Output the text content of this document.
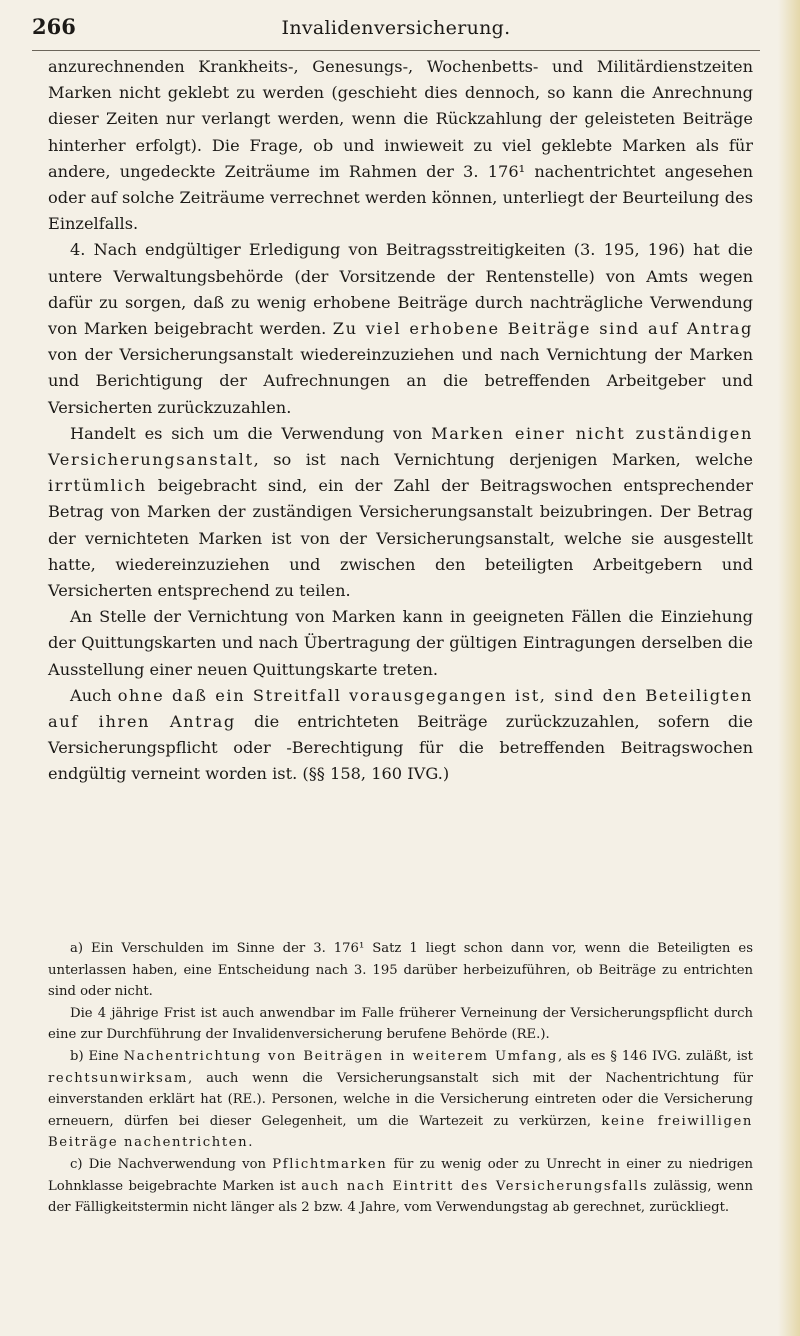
266	Invalidenversicherung.

anzurechnenden Krankheits-, Genesungs-, Wochenbetts- und Militärdienstzeiten Marken nicht geklebt zu werden (geschieht dies dennoch, so kann die Anrechnung dieser Zeiten nur verlangt werden, wenn die Rückzahlung der geleisteten Beiträge hinterher erfolgt). Die Frage, ob und inwieweit zu viel geklebte Marken als für andere, ungedeckte Zeiträume im Rahmen der 3. 176¹ nachentrichtet angesehen oder auf solche Zeiträume verrechnet werden können, unterliegt der Beurteilung des Einzelfalls.

4. Nach endgültiger Erledigung von Beitragsstreitigkeiten (3. 195, 196) hat die untere Verwaltungsbehörde (der Vorsitzende der Rentenstelle) von Amts wegen dafür zu sorgen, daß zu wenig erhobene Beiträge durch nachträgliche Verwendung von Marken beigebracht werden. Zu viel erhobene Beiträge sind auf Antrag von der Versicherungsanstalt wiedereinzuziehen und nach Vernichtung der Marken und Berichtigung der Aufrechnungen an die betreffenden Arbeitgeber und Versicherten zurückzuzahlen.

Handelt es sich um die Verwendung von Marken einer nicht zuständigen Versicherungsanstalt, so ist nach Vernichtung derjenigen Marken, welche irrtümlich beigebracht sind, ein der Zahl der Beitragswochen entsprechender Betrag von Marken der zuständigen Versicherungsanstalt beizubringen. Der Betrag der vernichteten Marken ist von der Versicherungsanstalt, welche sie ausgestellt hatte, wiedereinzuziehen und zwischen den beteiligten Arbeitgebern und Versicherten entsprechend zu teilen.

An Stelle der Vernichtung von Marken kann in geeigneten Fällen die Einziehung der Quittungskarten und nach Übertragung der gültigen Eintragungen derselben die Ausstellung einer neuen Quittungskarte treten.

Auch ohne daß ein Streitfall vorausgegangen ist, sind den Beteiligten auf ihren Antrag die entrichteten Beiträge zurückzuzahlen, sofern die Versicherungspflicht oder -Berechtigung für die betreffenden Beitragswochen endgültig verneint worden ist. (§§ 158, 160 IVG.)

a) Ein Verschulden im Sinne der 3. 176¹ Satz 1 liegt schon dann vor, wenn die Beteiligten es unterlassen haben, eine Entscheidung nach 3. 195 darüber herbeizuführen, ob Beiträge zu entrichten sind oder nicht.

Die 4 jährige Frist ist auch anwendbar im Falle früherer Verneinung der Versicherungspflicht durch eine zur Durchführung der Invalidenversicherung berufene Behörde (RE.).

b) Eine Nachentrichtung von Beiträgen in weiterem Umfang, als es § 146 IVG. zuläßt, ist rechtsunwirksam, auch wenn die Versicherungsanstalt sich mit der Nachentrichtung für einverstanden erklärt hat (RE.). Personen, welche in die Versicherung eintreten oder die Versicherung erneuern, dürfen bei dieser Gelegenheit, um die Wartezeit zu verkürzen, keine freiwilligen Beiträge nachentrichten.

c) Die Nachverwendung von Pflichtmarken für zu wenig oder zu Unrecht in einer zu niedrigen Lohnklasse beigebrachte Marken ist auch nach Eintritt des Versicherungsfalls zulässig, wenn der Fälligkeitstermin nicht länger als 2 bzw. 4 Jahre, vom Verwendungstag ab gerechnet, zurückliegt.
